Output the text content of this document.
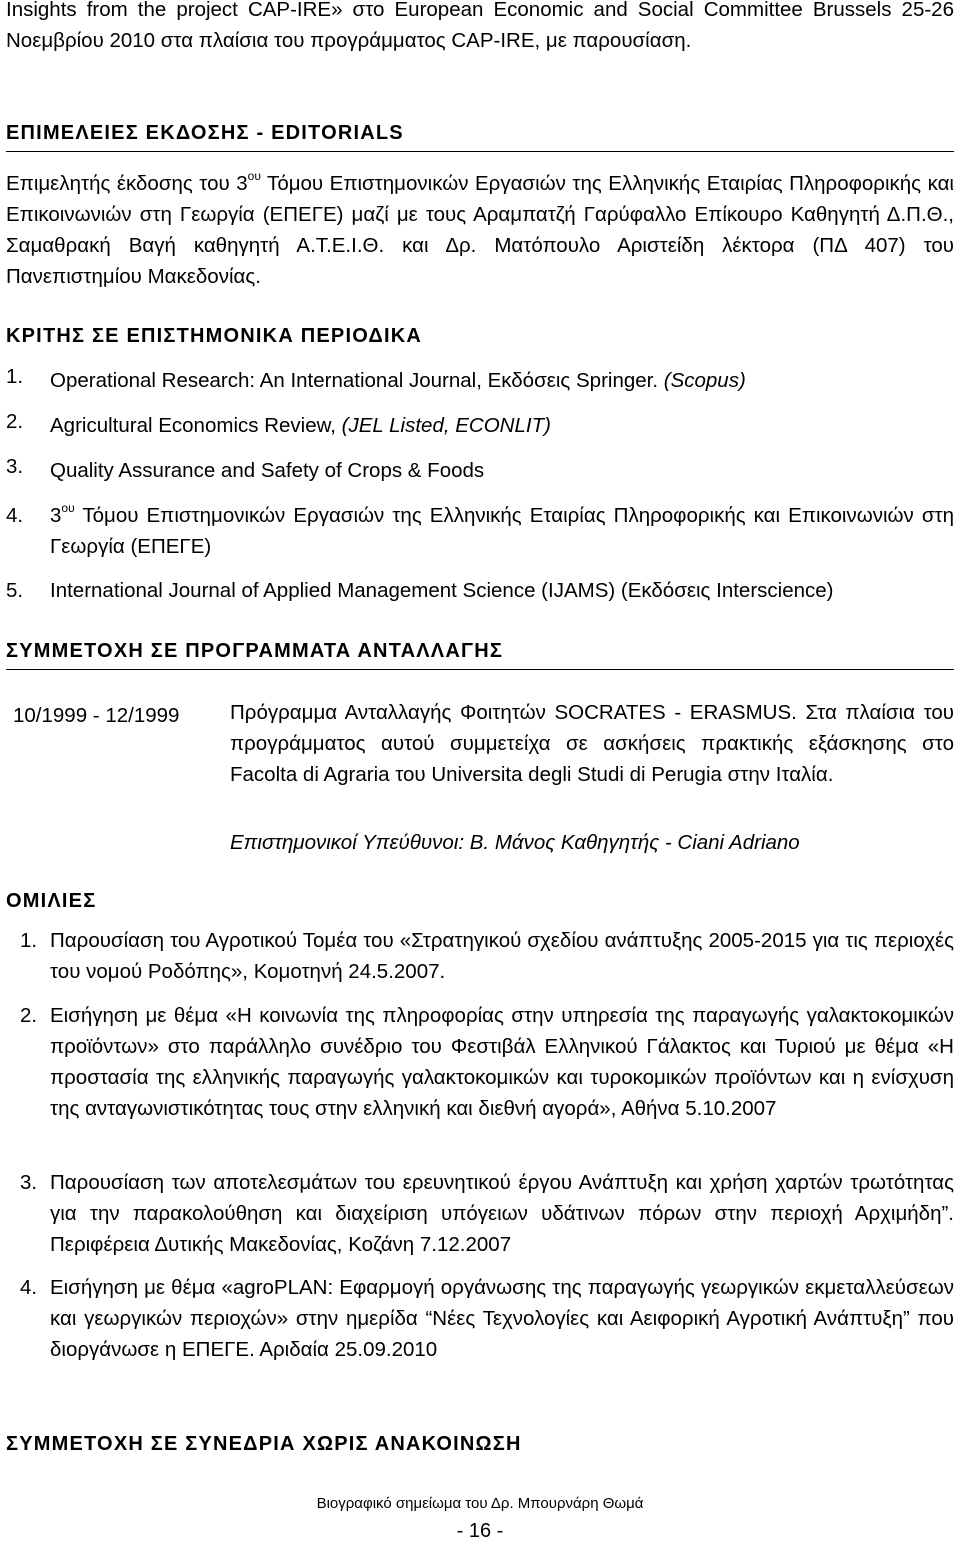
Insights from the project CAP-IRE» στο European Economic and Social Committee Brussels 25-26 Νοεμβρίου 2010 στα πλαίσια του προγράμματος CAP-IRE, με παρουσίαση.
ΕΠΙΜΕΛΕΙΕΣ ΕΚΔΟΣΗΣ - EDITORIALS
Επιμελητής έκδοσης του $3^{o\upsilon}$ Τόμου Επιστημονικών Εργασιών της Ελληνικής Εταιρίας Πληροφορικής και Επικοινωνιών στη Γεωργία (ΕΠΕΓΕ) μαζί με τους Αραμπατζή Γαρύφαλλο Επίκουρο Καθηγητή Δ.Π.Θ., Σαμαθρακή Βαγή καθηγητή Α.Τ.Ε.Ι.Θ. και Δρ. Ματόπουλο Αριστείδη λέκτορα (ΠΔ 407) του Πανεπιστημίου Μακεδονίας.
ΚΡΙΤΗΣ ΣΕ ΕΠΙΣΤΗΜΟΝΙΚΑ ΠΕΡΙΟΔΙΚΑ
1. Operational Research: An International Journal, Εκδόσεις Springer. (Scopus)
2. Agricultural Economics Review, (JEL Listed, ECONLIT)
3. Quality Assurance and Safety of Crops & Foods
4. $3^{o\upsilon}$ Τόμου Επιστημονικών Εργασιών της Ελληνικής Εταιρίας Πληροφορικής και Επικοινωνιών στη Γεωργία (ΕΠΕΓΕ)
5. International Journal of Applied Management Science (IJAMS) (Εκδόσεις Interscience)
ΣΥΜΜΕΤΟΧΗ ΣΕ ΠΡΟΓΡΑΜΜΑΤΑ ΑΝΤΑΛΛΑΓΗΣ
10/1999 - 12/1999 Πρόγραμμα Ανταλλαγής Φοιτητών SOCRATES - ERASMUS. Στα πλαίσια του προγράμματος αυτού συμμετείχα σε ασκήσεις πρακτικής εξάσκησης στο Facolta di Agraria του Universita degli Studi di Perugia στην Ιταλία.
Επιστημονικοί Υπεύθυνοι: Β. Μάνος Καθηγητής - Ciani Adriano
ΟΜΙΛΙΕΣ
1. Παρουσίαση του Αγροτικού Τομέα του «Στρατηγικού σχεδίου ανάπτυξης 2005-2015 για τις περιοχές του νομού Ροδόπης», Κομοτηνή 24.5.2007.
2. Εισήγηση με θέμα «Η κοινωνία της πληροφορίας στην υπηρεσία της παραγωγής γαλακτοκομικών προϊόντων» στο παράλληλο συνέδριο του Φεστιβάλ Ελληνικού Γάλακτος και Τυριού με θέμα «Η προστασία της ελληνικής παραγωγής γαλακτοκομικών και τυροκομικών προϊόντων και η ενίσχυση της ανταγωνιστικότητας τους στην ελληνική και διεθνή αγορά», Αθήνα 5.10.2007
3. Παρουσίαση των αποτελεσμάτων του ερευνητικού έργου Ανάπτυξη και χρήση χαρτών τρωτότητας για την παρακολούθηση και διαχείριση υπόγειων υδάτινων πόρων στην περιοχή Αρχιμήδη”. Περιφέρεια Δυτικής Μακεδονίας, Κοζάνη 7.12.2007
4. Εισήγηση με θέμα «agroPLAN: Εφαρμογή οργάνωσης της παραγωγής γεωργικών εκμεταλλεύσεων και γεωργικών περιοχών» στην ημερίδα “Νέες Τεχνολογίες και Αειφορική Αγροτική Ανάπτυξη” που διοργάνωσε η ΕΠΕΓΕ. Αριδαία 25.09.2010
ΣΥΜΜΕΤΟΧΗ ΣΕ ΣΥΝΕΔΡΙΑ ΧΩΡΙΣ ΑΝΑΚΟΙΝΩΣΗ
Βιογραφικό σημείωμα του Δρ. Μπουρνάρη Θωμά
- 16 -
